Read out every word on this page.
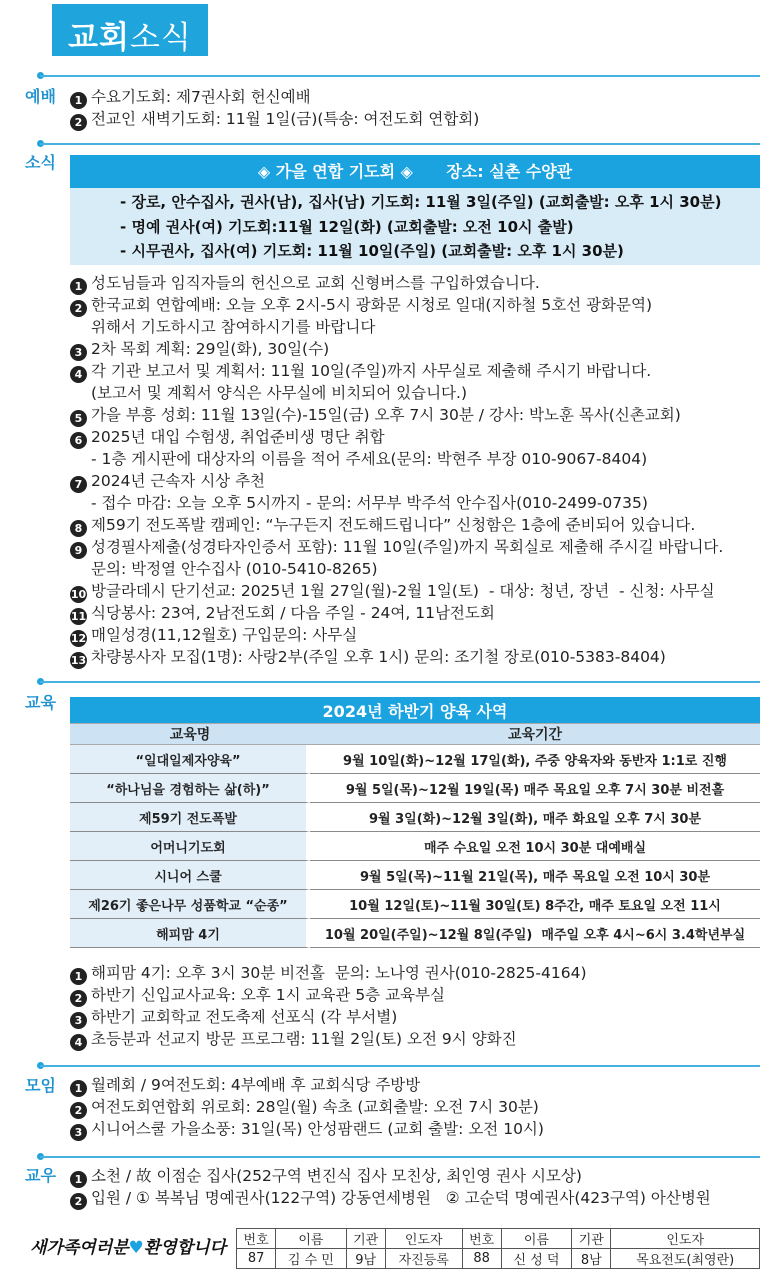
교회소식
예배	1 수요기도회: 제7권사회 헌신예배
2 전교인 새벽기도회: 11월 1일(금)(특송: 여전도회 연합회)
소식	◈ 가을 연합 기도회 ◈      장소: 실촌 수양관
- 장로, 안수집사, 권사(남), 집사(남) 기도회: 11월 3일(주일) (교회출발: 오후 1시 30분)
- 명예 권사(여) 기도회:11월 12일(화) (교회출발: 오전 10시 출발)
- 시무권사, 집사(여) 기도회: 11월 10일(주일) (교회출발: 오후 1시 30분)
1 성도님들과 임직자들의 헌신으로 교회 신형버스를 구입하였습니다.
2 한국교회 연합예배: 오늘 오후 2시-5시 광화문 시청로 일대(지하철 5호선 광화문역)
위해서 기도하시고 참여하시기를 바랍니다
3 2차 목회 계획: 29일(화), 30일(수)
4 각 기관 보고서 및 계획서: 11월 10일(주일)까지 사무실로 제출해 주시기 바랍니다.
(보고서 및 계획서 양식은 사무실에 비치되어 있습니다.)
5 가을 부흥 성회: 11월 13일(수)-15일(금) 오후 7시 30분 / 강사: 박노훈 목사(신촌교회)
6 2025년 대입 수험생, 취업준비생 명단 취합
- 1층 게시판에 대상자의 이름을 적어 주세요(문의: 박현주 부장 010-9067-8404)
7 2024년 근속자 시상 추천
- 접수 마감: 오늘 오후 5시까지 - 문의: 서무부 박주석 안수집사(010-2499-0735)
8 제59기 전도폭발 캠페인: “누구든지 전도해드립니다” 신청함은 1층에 준비되어 있습니다.
9 성경필사제출(성경타자인증서 포함): 11월 10일(주일)까지 목회실로 제출해 주시길 바랍니다.
문의: 박정열 안수집사 (010-5410-8265)
10 방글라데시 단기선교: 2025년 1월 27일(월)-2월 1일(토)  - 대상: 청년, 장년  - 신청: 사무실
11 식당봉사: 23여, 2남전도회 / 다음 주일 - 24여, 11남전도회
12 매일성경(11,12월호) 구입문의: 사무실
13 차량봉사자 모집(1명): 사랑2부(주일 오후 1시) 문의: 조기철 장로(010-5383-8404)
교육	2024년 하반기 양육 사역	
교육명	교육기간
“일대일제자양육”	9월 10일(화)~12월 17일(화), 주중 양육자와 동반자 1:1로 진행
“하나님을 경험하는 삶(하)”	9월 5일(목)~12월 19일(목) 매주 목요일 오후 7시 30분 비전홀
제59기 전도폭발	9월 3일(화)~12월 3일(화), 매주 화요일 오후 7시 30분
어머니기도회	매주 수요일 오전 10시 30분 대예배실
시니어 스쿨	9월 5일(목)~11월 21일(목), 매주 목요일 오전 10시 30분
제26기 좋은나무 성품학교 “순종”	10월 12일(토)~11월 30일(토) 8주간, 매주 토요일 오전 11시
해피맘 4기	10월 20일(주일)~12월 8일(주일)  매주일 오후 4시~6시 3.4학년부실
1 해피맘 4기: 오후 3시 30분 비전홀  문의: 노나영 권사(010-2825-4164)
2 하반기 신입교사교육: 오후 1시 교육관 5층 교육부실
3 하반기 교회학교 전도축제 선포식 (각 부서별)
4 초등분과 선교지 방문 프로그램: 11월 2일(토) 오전 9시 양화진
모임	1 월례회 / 9여전도회: 4부예배 후 교회식당 주방방
2 여전도회연합회 위로회: 28일(월) 속초 (교회출발: 오전 7시 30분)
3 시니어스쿨 가을소풍: 31일(목) 안성팜랜드 (교회 출발: 오전 10시)
교우	1 소천 / 故 이점순 집사(252구역 변진식 집사 모친상, 최인영 권사 시모상)
2 입원 / ① 복복님 명예권사(122구역) 강동연세병원   ② 고순덕 명예권사(423구역) 아산병원
새가족여러분♥환영합니다 번호	이름	기관	인도자	번호	이름	기관	인도자
87	김 수 민	9남	자진등록	88	신 성 덕	8남	목요전도(최영란)
